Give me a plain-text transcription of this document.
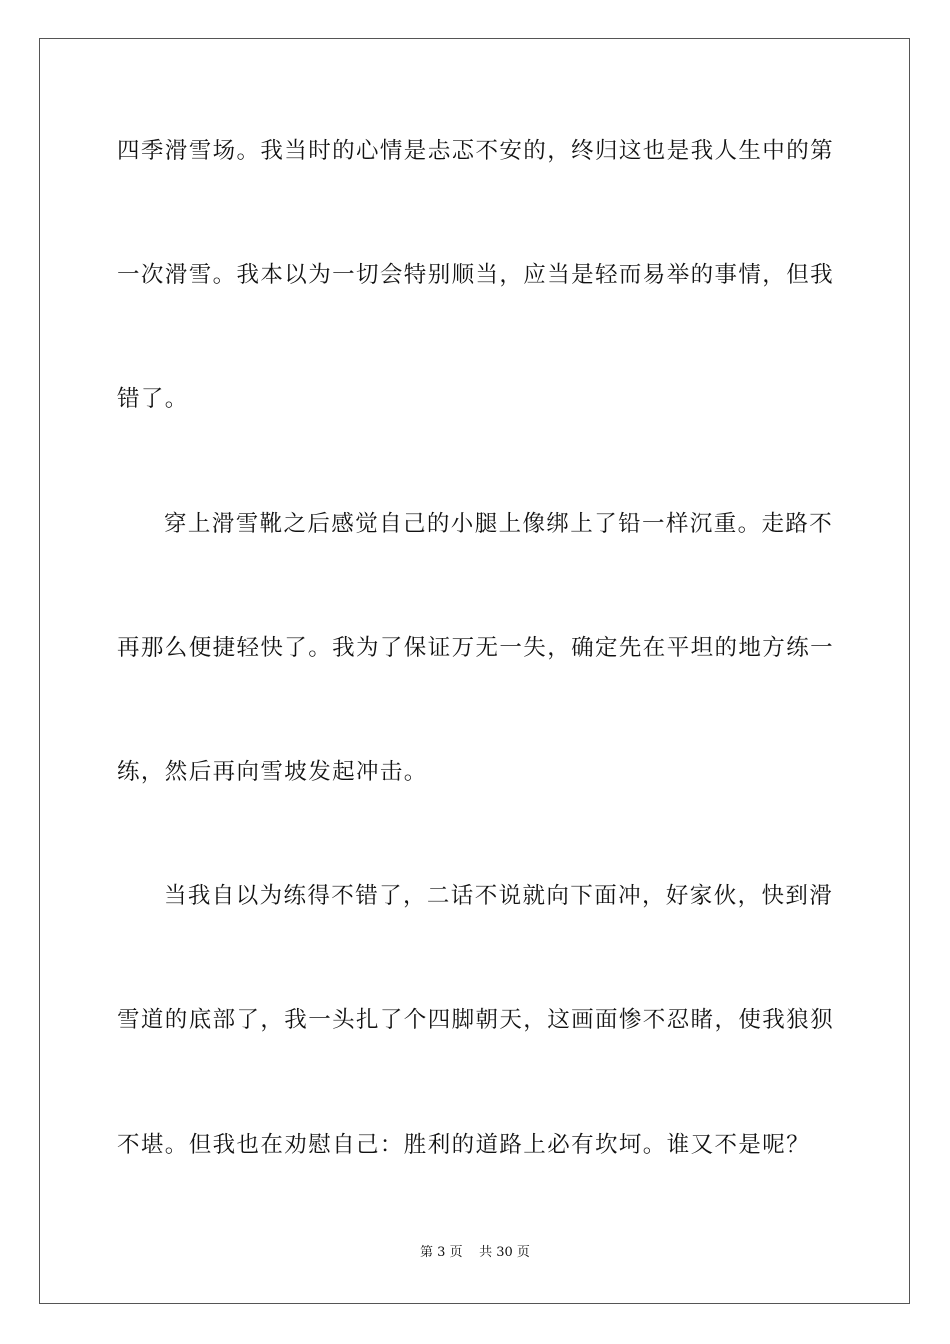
四季滑雪场。我当时的心情是忐忑不安的，终归这也是我人生中的第
一次滑雪。我本以为一切会特别顺当，应当是轻而易举的事情，但我
错了。
穿上滑雪靴之后感觉自己的小腿上像绑上了铅一样沉重。走路不
再那么便捷轻快了。我为了保证万无一失，确定先在平坦的地方练一
练，然后再向雪坡发起冲击。
当我自以为练得不错了，二话不说就向下面冲，好家伙，快到滑
雪道的底部了，我一头扎了个四脚朝天，这画面惨不忍睹，使我狼狈
不堪。但我也在劝慰自己：胜利的道路上必有坎坷。谁又不是呢？
第 3 页 共 30 页
